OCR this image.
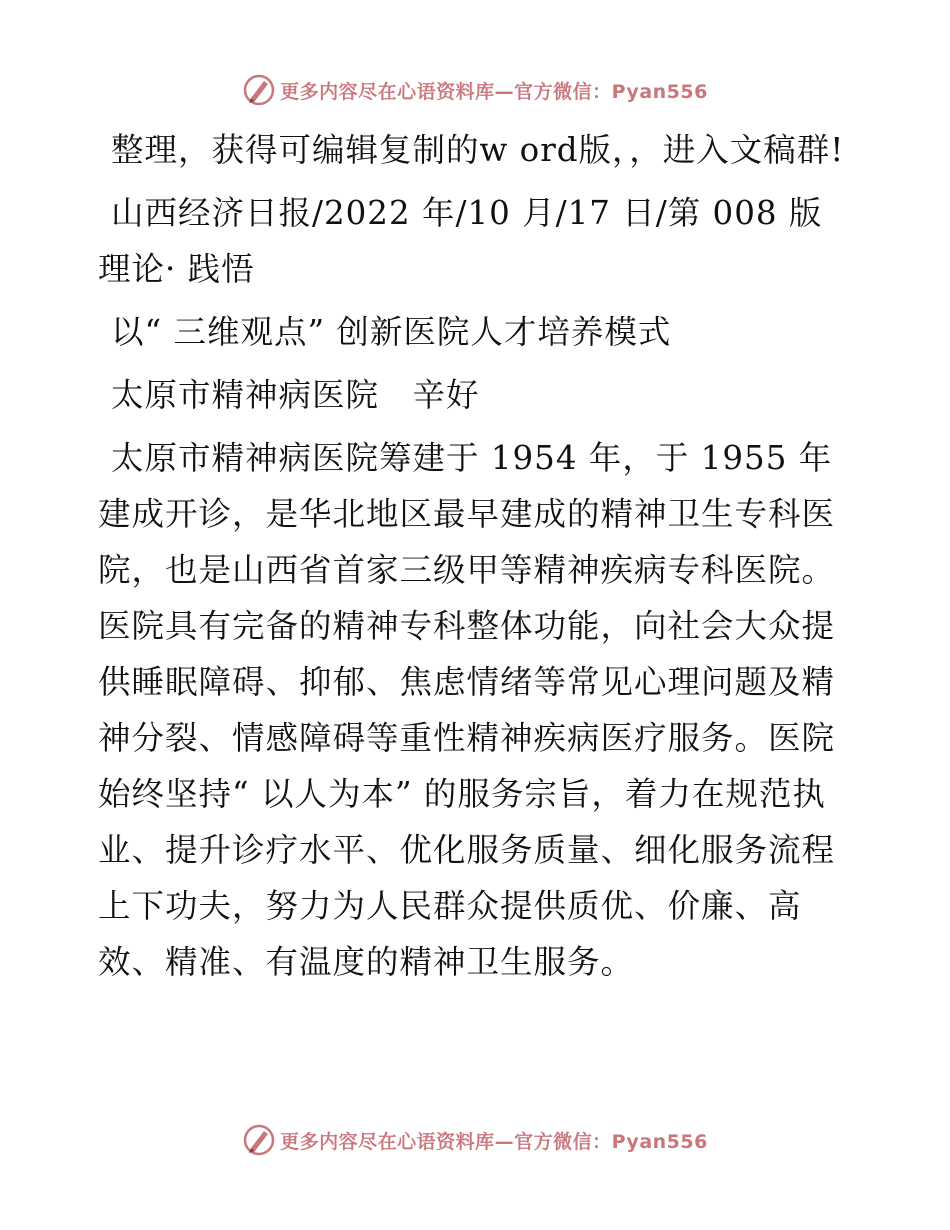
更多内容尽在心语资料库—官方微信：Pyan556

整理，获得可编辑复制的w ord版，，进入文稿群!

山西经济日报/2022 年/10 月/17 日/第 008 版理论· 践悟

以“ 三维观点” 创新医院人才培养模式

太原市精神病医院　辛好

太原市精神病医院筹建于 1954 年，于 1955 年建成开诊，是华北地区最早建成的精神卫生专科医院，也是山西省首家三级甲等精神疾病专科医院。医院具有完备的精神专科整体功能，向社会大众提供睡眠障碍、抑郁、焦虑情绪等常见心理问题及精神分裂、情感障碍等重性精神疾病医疗服务。医院始终坚持“ 以人为本” 的服务宗旨，着力在规范执业、提升诊疗水平、优化服务质量、细化服务流程上下功夫，努力为人民群众提供质优、价廉、高效、精准、有温度的精神卫生服务。

更多内容尽在心语资料库—官方微信：Pyan556
